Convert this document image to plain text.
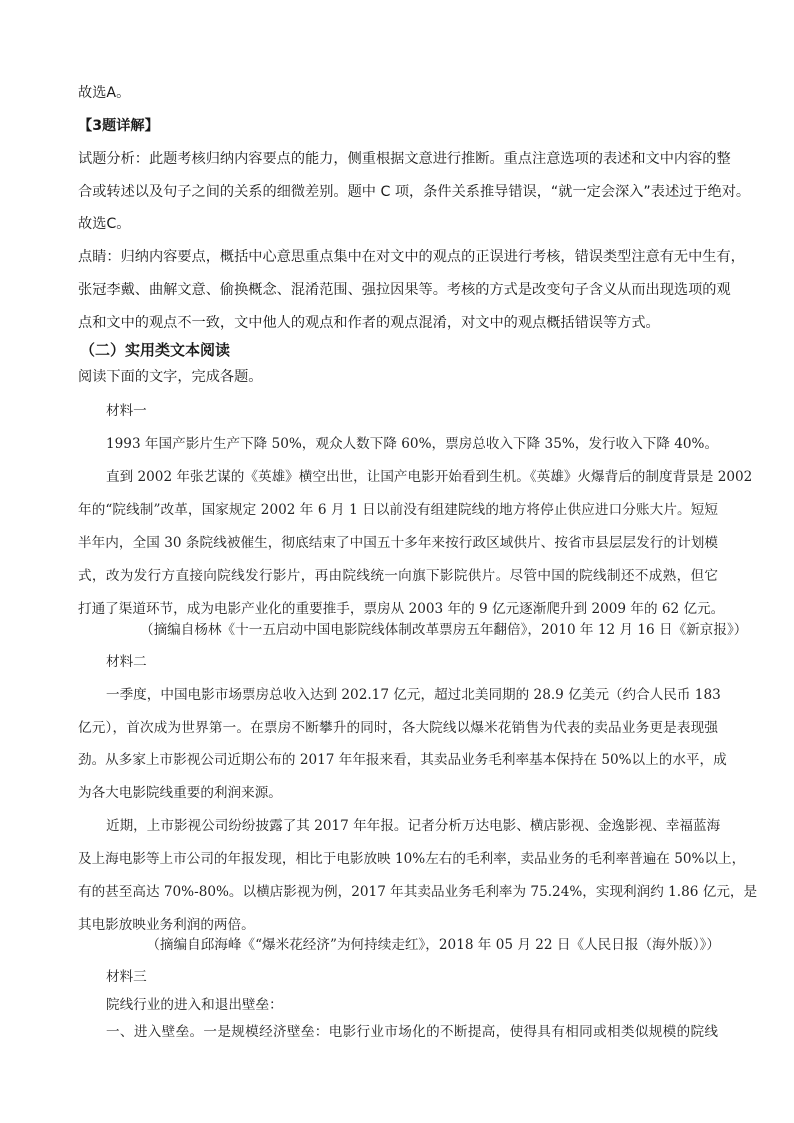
故选A。
【3题详解】
试题分析：此题考核归纳内容要点的能力，侧重根据文意进行推断。重点注意选项的表述和文中内容的整
合或转述以及句子之间的关系的细微差别。题中 C 项，条件关系推导错误，“就一定会深入”表述过于绝对。
故选C。
点睛：归纳内容要点，概括中心意思重点集中在对文中的观点的正误进行考核，错误类型注意有无中生有，
张冠李戴、曲解文意、偷换概念、混淆范围、强拉因果等。考核的方式是改变句子含义从而出现选项的观
点和文中的观点不一致，文中他人的观点和作者的观点混淆，对文中的观点概括错误等方式。
（二）实用类文本阅读
阅读下面的文字，完成各题。
材料一
1993 年国产影片生产下降 50%，观众人数下降 60%，票房总收入下降 35%，发行收入下降 40%。
直到 2002 年张艺谋的《英雄》横空出世，让国产电影开始看到生机。《英雄》火爆背后的制度背景是 2002
年的“院线制”改革，国家规定 2002 年 6 月 1 日以前没有组建院线的地方将停止供应进口分账大片。短短
半年内，全国 30 条院线被催生，彻底结束了中国五十多年来按行政区域供片、按省市县层层发行的计划模
式，改为发行方直接向院线发行影片，再由院线统一向旗下影院供片。尽管中国的院线制还不成熟，但它
打通了渠道环节，成为电影产业化的重要推手，票房从 2003 年的 9 亿元逐渐爬升到 2009 年的 62 亿元。
（摘编自杨林《十一五启动中国电影院线体制改革票房五年翻倍》，2010 年 12 月 16 日《新京报》）
材料二
一季度，中国电影市场票房总收入达到 202.17 亿元，超过北美同期的 28.9 亿美元（约合人民币 183
亿元），首次成为世界第一。在票房不断攀升的同时，各大院线以爆米花销售为代表的卖品业务更是表现强
劲。从多家上市影视公司近期公布的 2017 年年报来看，其卖品业务毛利率基本保持在 50%以上的水平，成
为各大电影院线重要的利润来源。
近期，上市影视公司纷纷披露了其 2017 年年报。记者分析万达电影、横店影视、金逸影视、幸福蓝海
及上海电影等上市公司的年报发现，相比于电影放映 10%左右的毛利率，卖品业务的毛利率普遍在 50%以上，
有的甚至高达 70%-80%。以横店影视为例，2017 年其卖品业务毛利率为 75.24%，实现利润约 1.86 亿元，是
其电影放映业务利润的两倍。
（摘编自邱海峰《“爆米花经济”为何持续走红》，2018 年 05 月 22 日《人民日报（海外版）》）
材料三
院线行业的进入和退出壁垒：
一、进入壁垒。一是规模经济壁垒：电影行业市场化的不断提高，使得具有相同或相类似规模的院线
